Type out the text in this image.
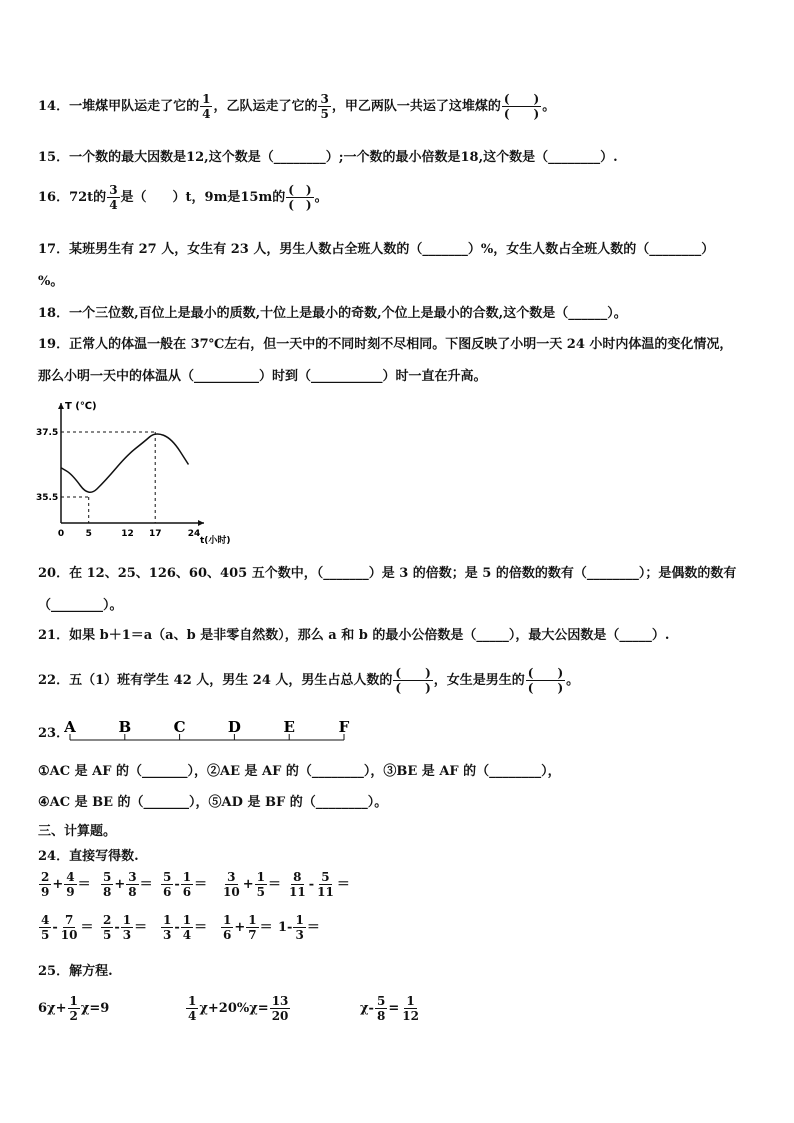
14．一堆煤甲队运走了它的 $\frac{1}{4}$ ，乙队运走了它的 $\frac{3}{5}$ ，甲乙两队一共运了这堆煤的 $\frac{( )}{( )}$ 。
15．一个数的最大因数是12,这个数是（________）;一个数的最小倍数是18,这个数是（________）.
16．72t的 $\frac{3}{4}$ 是（　　）t，9m是15m的 $\frac{( )}{( )}$ 。
17．某班男生有 27 人，女生有 23 人，男生人数占全班人数的（_______）%，女生人数占全班人数的（________）
%。
18．一个三位数,百位上是最小的质数,十位上是最小的奇数,个位上是最小的合数,这个数是（______）。
19．正常人的体温一般在 37℃左右，但一天中的不同时刻不尽相同。下图反映了小明一天 24 小时内体温的变化情况，
那么小明一天中的体温从（__________）时到（___________）时一直在升高。
T (℃)
37.5
35.5
0 5	12 17	24
t(小时)
20．在 12、25、126、60、405 五个数中，（_______）是 3 的倍数；是 5 的倍数的数有（________）；是偶数的数有
（________）。
21．如果 b＋1＝a（a、b 是非零自然数），那么 a 和 b 的最小公倍数是（_____），最大公因数是（_____）.
22．五（1）班有学生 42 人，男生 24 人，男生占总人数的 $\frac{( )}{( )}$ ，女生是男生的 $\frac{( )}{( )}$ 。
23．
A	B	C	D	E	F
①AC 是 AF 的（_______），②AE 是 AF 的（________），③BE 是 AF 的（________），
④AC 是 BE 的（_______），⑤AD 是 BF 的（________）。
三、计算题。
24．直接写得数.
$\frac{2}{9} + \frac{4}{9} = \frac{5}{8} + \frac{3}{8} = \frac{5}{6} - \frac{1}{6} = \frac{3}{10} + \frac{1}{5} = \frac{8}{11} - \frac{5}{11}$ ＝
$\frac{4}{5} - \frac{7}{10} = \frac{2}{5} - \frac{1}{3} = \frac{1}{3} - \frac{1}{4} = \frac{1}{6} + \frac{1}{7} = 1- \frac{1}{3}$ ＝
25．解方程.
$6\chi+ \frac{1}{2} \chi=9$	$\frac{1}{4} \chi+20\%\chi= \frac{13}{20}$	$\chi- \frac{5}{8} = \frac{1}{12}$
